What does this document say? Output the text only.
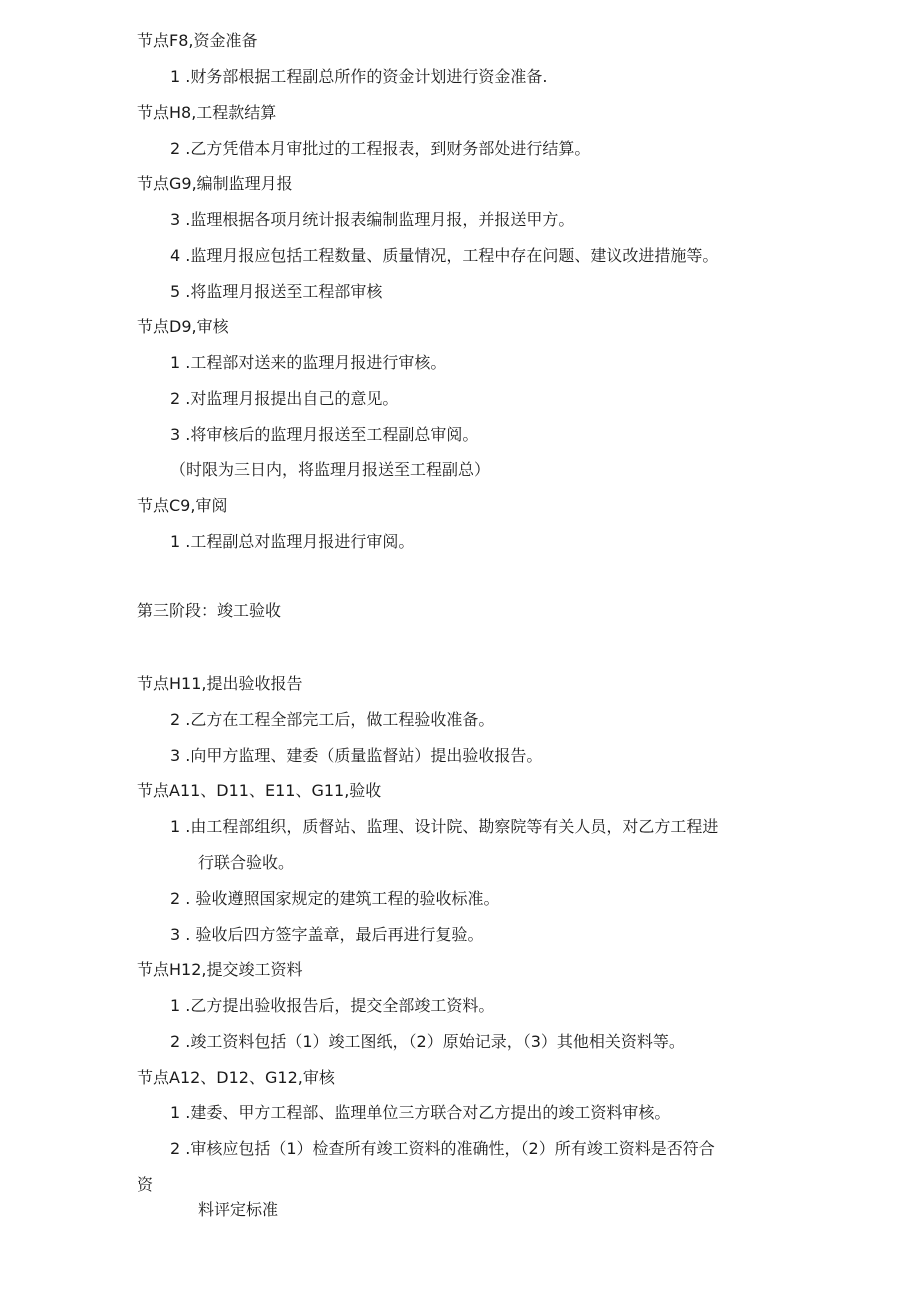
节点F8,资金准备
1 .财务部根据工程副总所作的资金计划进行资金准备.
节点H8,工程款结算
2 .乙方凭借本月审批过的工程报表，到财务部处进行结算。
节点G9,编制监理月报
3 .监理根据各项月统计报表编制监理月报，并报送甲方。
4 .监理月报应包括工程数量、质量情况，工程中存在问题、建议改进措施等。
5 .将监理月报送至工程部审核
节点D9,审核
1 .工程部对送来的监理月报进行审核。
2 .对监理月报提出自己的意见。
3 .将审核后的监理月报送至工程副总审阅。
（时限为三日内，将监理月报送至工程副总）
节点C9,审阅
1 .工程副总对监理月报进行审阅。
第三阶段：竣工验收
节点H11,提出验收报告
2 .乙方在工程全部完工后，做工程验收准备。
3 .向甲方监理、建委（质量监督站）提出验收报告。
节点A11、D11、E11、G11,验收
1 .由工程部组织，质督站、监理、设计院、勘察院等有关人员，对乙方工程进
行联合验收。
2 . 验收遵照国家规定的建筑工程的验收标准。
3 . 验收后四方签字盖章，最后再进行复验。
节点H12,提交竣工资料
1 .乙方提出验收报告后，提交全部竣工资料。
2 .竣工资料包括（1）竣工图纸，（2）原始记录，（3）其他相关资料等。
节点A12、D12、G12,审核
1 .建委、甲方工程部、监理单位三方联合对乙方提出的竣工资料审核。
2 .审核应包括（1）检查所有竣工资料的准确性，（2）所有竣工资料是否符合
资
料评定标准
